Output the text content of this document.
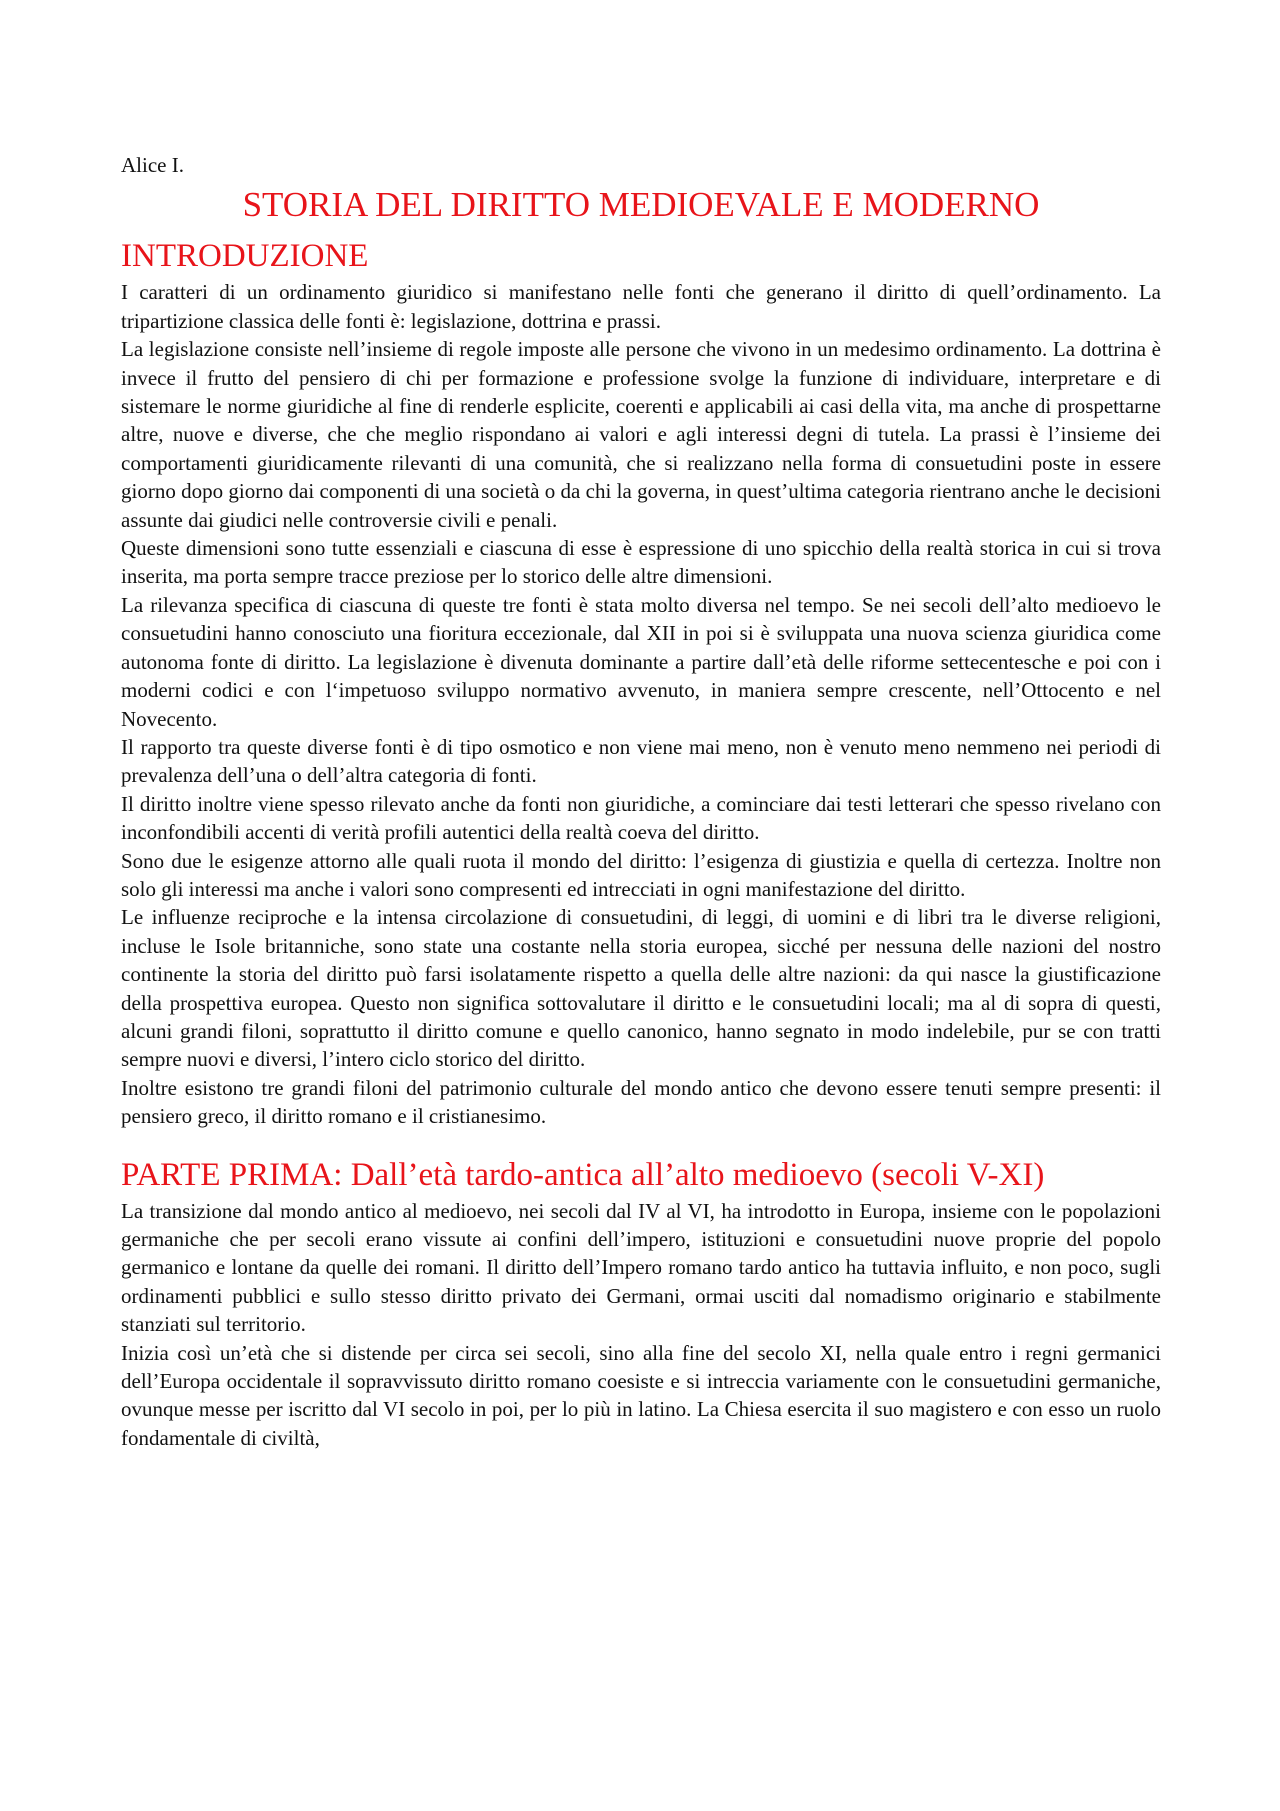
Alice I.

STORIA DEL DIRITTO MEDIOEVALE E MODERNO
INTRODUZIONE

I caratteri di un ordinamento giuridico si manifestano nelle fonti che generano il diritto di quell’ordinamento. La tripartizione classica delle fonti è: legislazione, dottrina e prassi.

La legislazione consiste nell’insieme di regole imposte alle persone che vivono in un medesimo ordinamento. La dottrina è invece il frutto del pensiero di chi per formazione e professione svolge la funzione di individuare, interpretare e di sistemare le norme giuridiche al fine di renderle esplicite, coerenti e applicabili ai casi della vita, ma anche di prospettarne altre, nuove e diverse, che che meglio rispondano ai valori e agli interessi degni di tutela. La prassi è l’insieme dei comportamenti giuridicamente rilevanti di una comunità, che si realizzano nella forma di consuetudini poste in essere giorno dopo giorno dai componenti di una società o da chi la governa, in quest’ultima categoria rientrano anche le decisioni assunte dai giudici nelle controversie civili e penali.

Queste dimensioni sono tutte essenziali e ciascuna di esse è espressione di uno spicchio della realtà storica in cui si trova inserita, ma porta sempre tracce preziose per lo storico delle altre dimensioni.

La rilevanza specifica di ciascuna di queste tre fonti è stata molto diversa nel tempo. Se nei secoli dell’alto medioevo le consuetudini hanno conosciuto una fioritura eccezionale, dal XII in poi si è sviluppata una nuova scienza giuridica come autonoma fonte di diritto. La legislazione è divenuta dominante a partire dall’età delle riforme settecentesche e poi con i moderni codici e con l‘impetuoso sviluppo normativo avvenuto, in maniera sempre crescente, nell’Ottocento e nel Novecento.

Il rapporto tra queste diverse fonti è di tipo osmotico e non viene mai meno, non è venuto meno nemmeno nei periodi di prevalenza dell’una o dell’altra categoria di fonti.

Il diritto inoltre viene spesso rilevato anche da fonti non giuridiche, a cominciare dai testi letterari che spesso rivelano con inconfondibili accenti di verità profili autentici della realtà coeva del diritto.

Sono due le esigenze attorno alle quali ruota il mondo del diritto: l’esigenza di giustizia e quella di certezza. Inoltre non solo gli interessi ma anche i valori sono compresenti ed intrecciati in ogni manifestazione del diritto.

Le influenze reciproche e la intensa circolazione di consuetudini, di leggi, di uomini e di libri tra le diverse religioni, incluse le Isole britanniche, sono state una costante nella storia europea, sicché per nessuna delle nazioni del nostro continente la storia del diritto può farsi isolatamente rispetto a quella delle altre nazioni: da qui nasce la giustificazione della prospettiva europea. Questo non significa sottovalutare il diritto e le consuetudini locali; ma al di sopra di questi, alcuni grandi filoni, soprattutto il diritto comune e quello canonico, hanno segnato in modo indelebile, pur se con tratti sempre nuovi e diversi, l’intero ciclo storico del diritto.

Inoltre esistono tre grandi filoni del patrimonio culturale del mondo antico che devono essere tenuti sempre presenti: il pensiero greco, il diritto romano e il cristianesimo.

PARTE PRIMA: Dall’età tardo-antica all’alto medioevo (secoli V-XI)

La transizione dal mondo antico al medioevo, nei secoli dal IV al VI, ha introdotto in Europa, insieme con le popolazioni germaniche che per secoli erano vissute ai confini dell’impero, istituzioni e consuetudini nuove proprie del popolo germanico e lontane da quelle dei romani. Il diritto dell’Impero romano tardo antico ha tuttavia influito, e non poco, sugli ordinamenti pubblici e sullo stesso diritto privato dei Germani, ormai usciti dal nomadismo originario e stabilmente stanziati sul territorio.

Inizia così un’età che si distende per circa sei secoli, sino alla fine del secolo XI, nella quale entro i regni germanici dell’Europa occidentale il sopravvissuto diritto romano coesiste e si intreccia variamente con le consuetudini germaniche, ovunque messe per iscritto dal VI secolo in poi, per lo più in latino. La Chiesa esercita il suo magistero e con esso un ruolo fondamentale di civiltà,
